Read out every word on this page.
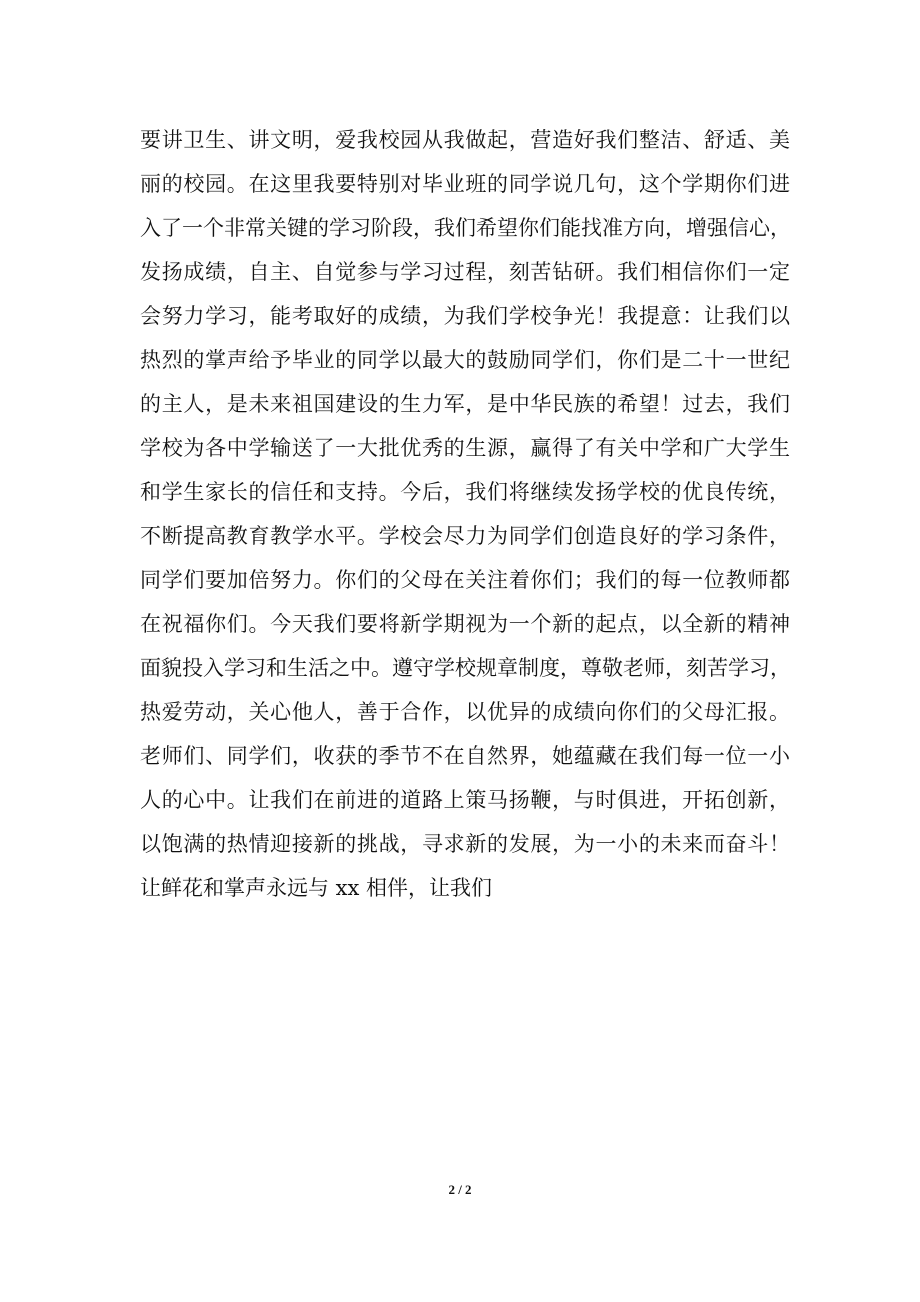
要讲卫生、讲文明，爱我校园从我做起，营造好我们整洁、舒适、美
丽的校园。在这里我要特别对毕业班的同学说几句，这个学期你们进
入了一个非常关键的学习阶段，我们希望你们能找准方向，增强信心，
发扬成绩，自主、自觉参与学习过程，刻苦钻研。我们相信你们一定
会努力学习，能考取好的成绩，为我们学校争光！我提意：让我们以
热烈的掌声给予毕业的同学以最大的鼓励同学们，你们是二十一世纪
的主人，是未来祖国建设的生力军，是中华民族的希望！过去，我们
学校为各中学输送了一大批优秀的生源，赢得了有关中学和广大学生
和学生家长的信任和支持。今后，我们将继续发扬学校的优良传统，
不断提高教育教学水平。学校会尽力为同学们创造良好的学习条件，
同学们要加倍努力。你们的父母在关注着你们；我们的每一位教师都
在祝福你们。今天我们要将新学期视为一个新的起点，以全新的精神
面貌投入学习和生活之中。遵守学校规章制度，尊敬老师，刻苦学习，
热爱劳动，关心他人，善于合作，以优异的成绩向你们的父母汇报。
老师们、同学们，收获的季节不在自然界，她蕴藏在我们每一位一小
人的心中。让我们在前进的道路上策马扬鞭，与时俱进，开拓创新，
以饱满的热情迎接新的挑战，寻求新的发展，为一小的未来而奋斗！
让鲜花和掌声永远与 xx 相伴，让我们
2 / 2
